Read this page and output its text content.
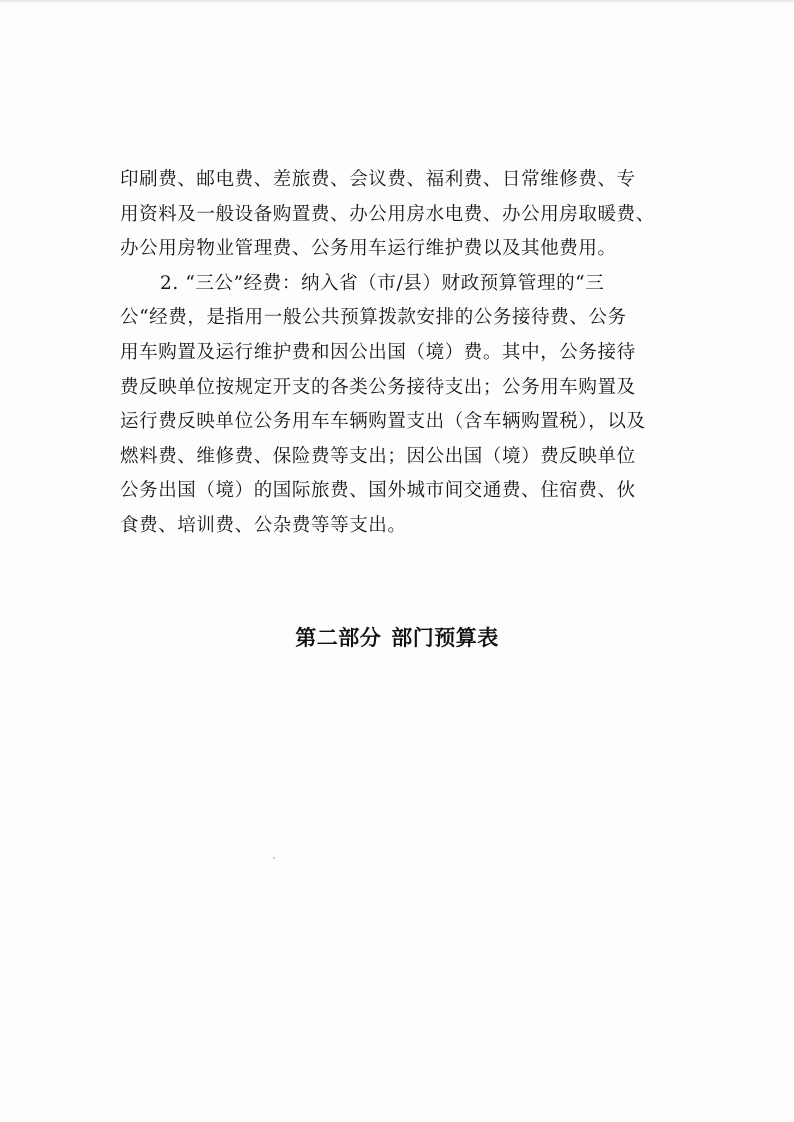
印刷费、邮电费、差旅费、会议费、福利费、日常维修费、专
用资料及一般设备购置费、办公用房水电费、办公用房取暖费、
办公用房物业管理费、公务用车运行维护费以及其他费用。

2. “三公”经费：纳入省（市/县）财政预算管理的“三
公“经费，是指用一般公共预算拨款安排的公务接待费、公务
用车购置及运行维护费和因公出国（境）费。其中，公务接待
费反映单位按规定开支的各类公务接待支出；公务用车购置及
运行费反映单位公务用车车辆购置支出（含车辆购置税），以及
燃料费、维修费、保险费等支出；因公出国（境）费反映单位
公务出国（境）的国际旅费、国外城市间交通费、住宿费、伙
食费、培训费、公杂费等等支出。

第二部分 部门预算表
